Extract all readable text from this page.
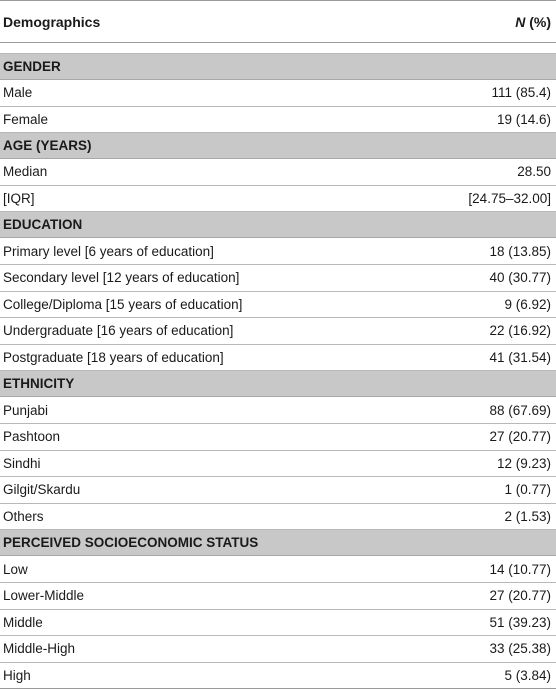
Demographics	N (%)
GENDER
Male	111 (85.4)
Female	19 (14.6)
AGE (YEARS)
Median	28.50
[IQR]	[24.75–32.00]
EDUCATION
Primary level [6 years of education]	18 (13.85)
Secondary level [12 years of education]	40 (30.77)
College/Diploma [15 years of education]	9 (6.92)
Undergraduate [16 years of education]	22 (16.92)
Postgraduate [18 years of education]	41 (31.54)
ETHNICITY
Punjabi	88 (67.69)
Pashtoon	27 (20.77)
Sindhi	12 (9.23)
Gilgit/Skardu	1 (0.77)
Others	2 (1.53)
PERCEIVED SOCIOECONOMIC STATUS
Low	14 (10.77)
Lower-Middle	27 (20.77)
Middle	51 (39.23)
Middle-High	33 (25.38)
High	5 (3.84)
